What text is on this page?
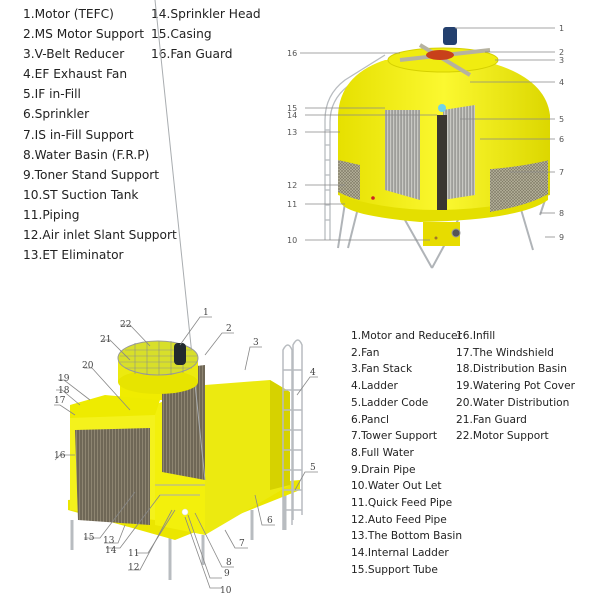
1.Motor (TEFC)
2.MS Motor Support
3.V-Belt Reducer
4.EF Exhaust Fan
5.IF in-Fill
6.Sprinkler
7.IS in-Fill Support
8.Water Basin (F.R.P)
9.Toner Stand Support
10.ST Suction Tank
11.Piping
12.Air inlet Slant Support
13.ET Eliminator
14.Sprinkler Head
15.Casing
16.Fan Guard
1.Motor and Reducer
2.Fan
3.Fan Stack
4.Ladder
5.Ladder Code
6.Pancl
7.Tower Support
8.Full Water
9.Drain Pipe
10.Water Out Let
11.Quick Feed Pipe
12.Auto Feed Pipe
13.The Bottom Basin
14.Internal Ladder
15.Support Tube
16.Infill
17.The Windshield
18.Distribution Basin
19.Watering Pot Cover
20.Water Distribution
21.Fan Guard
22.Motor Support
1
2
3
4
5
6
7
8
9
16
15
14
13
12
11
10
1
2
3
4
5
6
7
8
9
10
11
12
13
14
15
16
17
18
19
20
21
22
